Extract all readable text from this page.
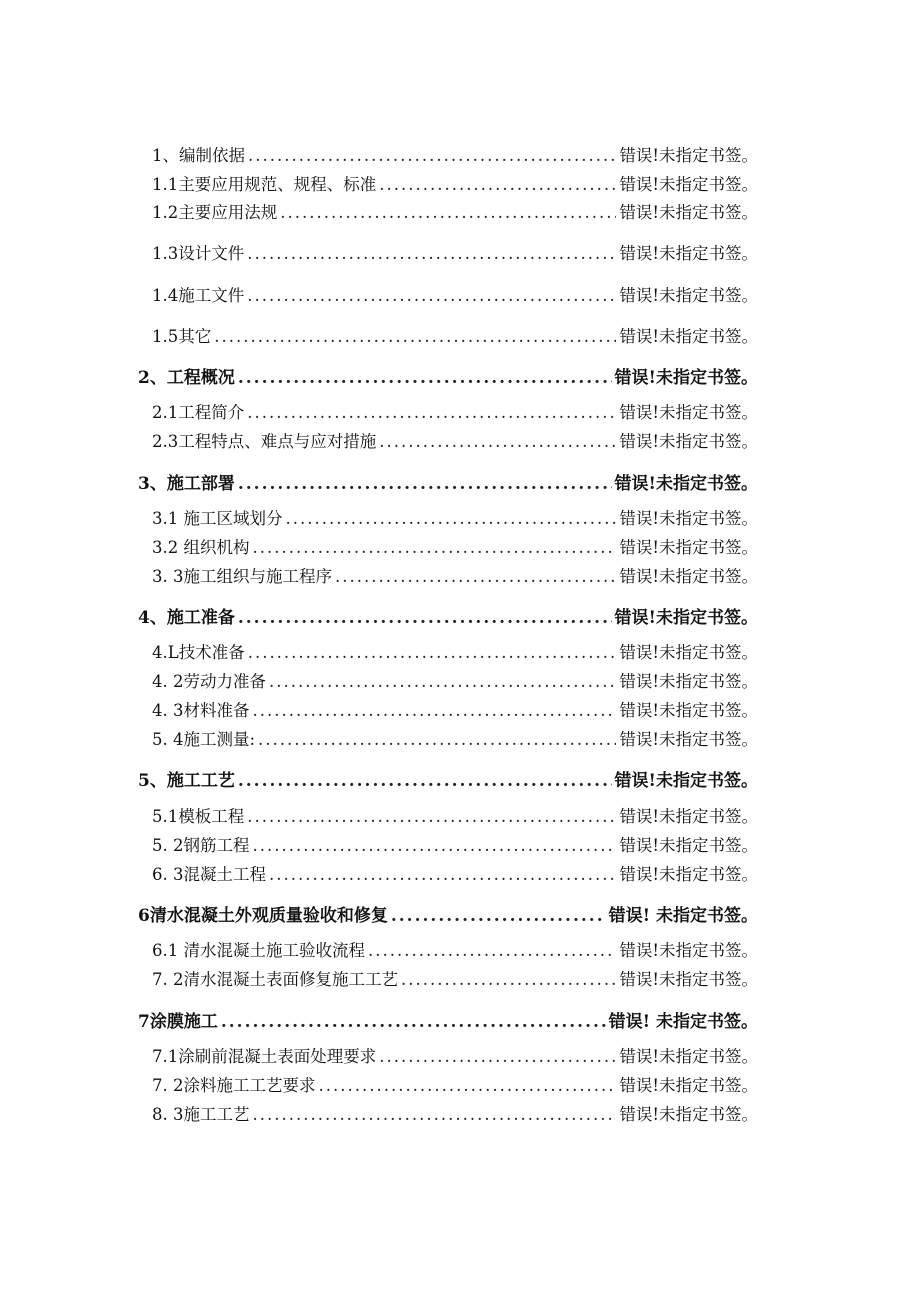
1、编制依据 .....	错误!未指定书签。
1.1主要应用规范、规程、标准 .....	错误!未指定书签。
1.2主要应用法规 .....	错误!未指定书签。
1.3设计文件 .....	错误!未指定书签。
1.4施工文件 .....	错误!未指定书签。
1.5其它 .....	错误!未指定书签。
2、工程概况 .....	错误!未指定书签。
2.1工程简介 .....	错误!未指定书签。
2.3工程特点、难点与应对措施 .....	错误!未指定书签。
3、施工部署 .....	错误!未指定书签。
3.1 施工区域划分 .....	错误!未指定书签。
3.2 组织机构 .....	错误!未指定书签。
3. 3施工组织与施工程序 .....	错误!未指定书签。
4、施工准备 .....	错误!未指定书签。
4.L技术准备 .....	错误!未指定书签。
4. 2劳动力准备 .....	错误!未指定书签。
4. 3材料准备 .....	错误!未指定书签。
5. 4施工测量: .....	错误!未指定书签。
5、施工工艺 .....	错误!未指定书签。
5.1模板工程 .....	错误!未指定书签。
5. 2钢筋工程 .....	错误!未指定书签。
6. 3混凝土工程 .....	错误!未指定书签。
6清水混凝土外观质量验收和修复 .....	错误! 未指定书签。
6.1 清水混凝土施工验收流程 .....	错误!未指定书签。
7. 2清水混凝土表面修复施工工艺 .....	错误!未指定书签。
7涂膜施工 .....	错误! 未指定书签。
7.1涂刷前混凝土表面处理要求 .....	错误!未指定书签。
7. 2涂料施工工艺要求 .....	错误!未指定书签。
8. 3施工工艺 .....	错误!未指定书签。
